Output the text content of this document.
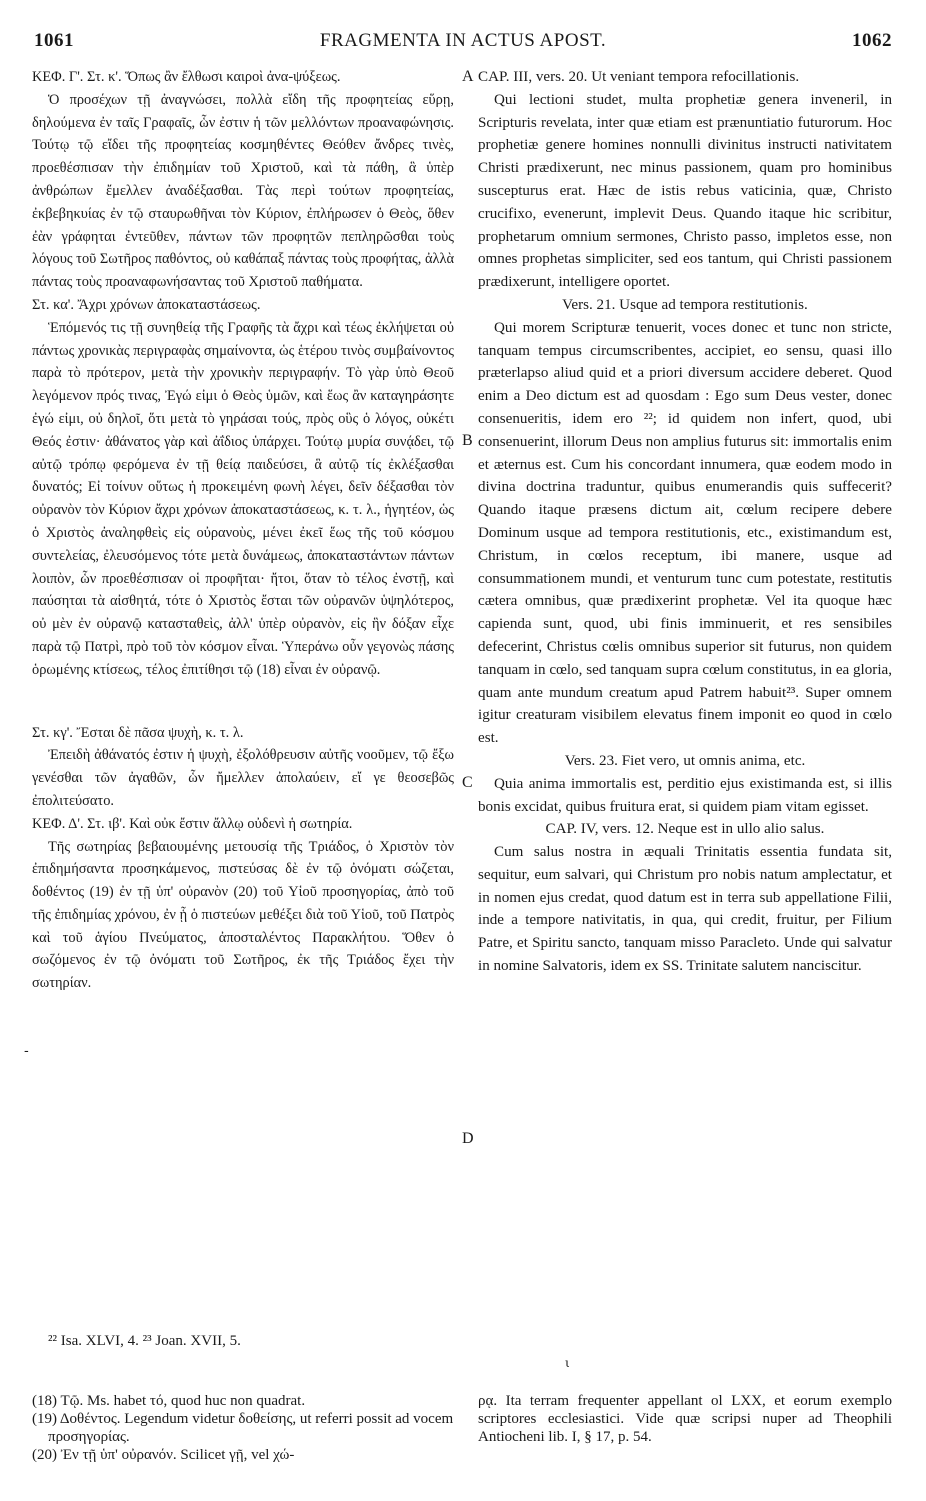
1061	FRAGMENTA IN ACTUS APOST.	1062

ΚΕΦ. Γ'. Στ. κ'. Ὅπως ἂν ἔλθωσι καιροὶ ἀνα-ψύξεως.

Ὁ προσέχων τῇ ἀναγνώσει, πολλὰ εἴδη τῆς προφητείας εὕρῃ, δηλούμενα ἐν ταῖς Γραφαῖς, ὧν ἐστιν ἡ τῶν μελλόντων προαναφώνησις. Τούτῳ τῷ εἴδει τῆς προφητείας κοσμηθέντες Θεόθεν ἄνδρες τινὲς, προεθέσπισαν τὴν ἐπιδημίαν τοῦ Χριστοῦ, καὶ τὰ πάθη, ἃ ὑπὲρ ἀνθρώπων ἔμελλεν ἀναδέξασθαι. Τὰς περὶ τούτων προφητείας, ἐκβεβηκυίας ἐν τῷ σταυρωθῆναι τὸν Κύριον, ἐπλήρωσεν ὁ Θεὸς, ὅθεν ἐὰν γράφηται ἐντεῦθεν, πάντων τῶν προφητῶν πεπληρῶσθαι τοὺς λόγους τοῦ Σωτῆρος παθόντος, οὐ καθάπαξ πάντας τοὺς προφήτας, ἀλλὰ πάντας τοὺς προαναφωνήσαντας τοῦ Χριστοῦ παθήματα.

Στ. κα'. Ἄχρι χρόνων ἀποκαταστάσεως.

Ἑπόμενός τις τῇ συνηθείᾳ τῆς Γραφῆς τὰ ἄχρι καὶ τέως ἐκλήψεται οὐ πάντως χρονικὰς περιγραφὰς σημαίνοντα, ὡς ἑτέρου τινὸς συμβαίνοντος παρὰ τὸ πρότερον, μετὰ τὴν χρονικὴν περιγραφήν. Τὸ γὰρ ὑπὸ Θεοῦ λεγόμενον πρός τινας, Ἐγώ εἰμι ὁ Θεὸς ὑμῶν, καὶ ἕως ἂν καταγηράσητε ἐγώ εἰμι, οὐ δηλοῖ, ὅτι μετὰ τὸ γηράσαι τούς, πρὸς οὓς ὁ λόγος, οὐκέτι Θεός ἐστιν· ἀθάνατος γὰρ καὶ ἀΐδιος ὑπάρχει. Τούτῳ μυρία συνᾴδει, τῷ αὐτῷ τρόπῳ φερόμενα ἐν τῇ θείᾳ παιδεύσει, ἃ αὐτῷ τίς ἐκλέξασθαι δυνατός; Εἰ τοίνυν οὕτως ἡ προκειμένη φωνὴ λέγει, δεῖν δέξασθαι τὸν οὐρανὸν τὸν Κύριον ἄχρι χρόνων ἀποκαταστάσεως, κ. τ. λ., ἡγητέον, ὡς ὁ Χριστὸς ἀναληφθεὶς εἰς οὐρανοὺς, μένει ἐκεῖ ἕως τῆς τοῦ κόσμου συντελείας, ἐλευσόμενος τότε μετὰ δυνάμεως, ἀποκαταστάντων πάντων λοιπὸν, ὧν προεθέσπισαν οἱ προφῆται· ἤτοι, ὅταν τὸ τέλος ἐνστῇ, καὶ παύσηται τὰ αἰσθητά, τότε ὁ Χριστὸς ἔσται τῶν οὐρανῶν ὑψηλότερος, οὐ μὲν ἐν οὐρανῷ κατασταθεὶς, ἀλλ' ὑπὲρ οὐρανὸν, εἰς ἣν δόξαν εἶχε παρὰ τῷ Πατρὶ, πρὸ τοῦ τὸν κόσμον εἶναι. Ὑπεράνω οὖν γεγονὼς πάσης ὁρωμένης κτίσεως, τέλος ἐπιτίθησι τῷ (18) εἶναι ἐν οὐρανῷ.

Στ. κγ'. Ἔσται δὲ πᾶσα ψυχὴ, κ. τ. λ.

Ἐπειδὴ ἀθάνατός ἐστιν ἡ ψυχὴ, ἐξολόθρευσιν αὐτῆς νοοῦμεν, τῷ ἔξω γενέσθαι τῶν ἀγαθῶν, ὧν ἤμελλεν ἀπολαύειν, εἴ γε θεοσεβῶς ἐπολιτεύσατο.

ΚΕΦ. Δ'. Στ. ιβ'. Καὶ οὐκ ἔστιν ἄλλῳ οὐδενὶ ἡ σωτηρία.

Τῆς σωτηρίας βεβαιουμένης μετουσίᾳ τῆς Τριάδος, ὁ Χριστὸν τὸν ἐπιδημήσαντα προσηκάμενος, πιστεύσας δὲ ἐν τῷ ὀνόματι σώζεται, δοθέντος (19) ἐν τῇ ὑπ' οὐρανὸν (20) τοῦ Υἱοῦ προσηγορίας, ἀπὸ τοῦ τῆς ἐπιδημίας χρόνου, ἐν ᾗ ὁ πιστεύων μεθέξει διὰ τοῦ Υἱοῦ, τοῦ Πατρὸς καὶ τοῦ ἁγίου Πνεύματος, ἀποσταλέντος Παρακλήτου. Ὅθεν ὁ σωζόμενος ἐν τῷ ὀνόματι τοῦ Σωτῆρος, ἐκ τῆς Τριάδος ἔχει τὴν σωτηρίαν.

CAP. III, vers. 20. Ut veniant tempora refocillationis.

Qui lectioni studet, multa prophetiæ genera inveneril, in Scripturis revelata, inter quæ etiam est prænuntiatio futurorum. Hoc prophetiæ genere homines nonnulli divinitus instructi nativitatem Christi prædixerunt, nec minus passionem, quam pro hominibus suscepturus erat. Hæc de istis rebus vaticinia, quæ, Christo crucifixo, evenerunt, implevit Deus. Quando itaque hic scribitur, prophetarum omnium sermones, Christo passo, impletos esse, non omnes prophetas simpliciter, sed eos tantum, qui Christi passionem prædixerunt, intelligere oportet.

Vers. 21. Usque ad tempora restitutionis.

Qui morem Scripturæ tenuerit, voces donec et tunc non stricte, tanquam tempus circumscribentes, accipiet, eo sensu, quasi illo præterlapso aliud quid et a priori diversum accidere deberet. Quod enim a Deo dictum est ad quosdam : Ego sum Deus vester, donec consenueritis, idem ero ²²; id quidem non infert, quod, ubi consenuerint, illorum Deus non amplius futurus sit: immortalis enim et æternus est. Cum his concordant innumera, quæ eodem modo in divina doctrina traduntur, quibus enumerandis quis suffecerit? Quando itaque præsens dictum ait, cœlum recipere debere Dominum usque ad tempora restitutionis, etc., existimandum est, Christum, in cœlos receptum, ibi manere, usque ad consummationem mundi, et venturum tunc cum potestate, restitutis cætera omnibus, quæ prædixerint prophetæ. Vel ita quoque hæc capienda sunt, quod, ubi finis imminuerit, et res sensibiles defecerint, Christus cœlis omnibus superior sit futurus, non quidem tanquam in cœlo, sed tanquam supra cœlum constitutus, in ea gloria, quam ante mundum creatum apud Patrem habuit²³. Super omnem igitur creaturam visibilem elevatus finem imponit eo quod in cœlo est.

Vers. 23. Fiet vero, ut omnis anima, etc.

Quia anima immortalis est, perditio ejus existimanda est, si illis bonis excidat, quibus fruitura erat, si quidem piam vitam egisset.

CAP. IV, vers. 12. Neque est in ullo alio salus.

Cum salus nostra in æquali Trinitatis essentia fundata sit, sequitur, eum salvari, qui Christum pro nobis natum amplectatur, et in nomen ejus credat, quod datum est in terra sub appellatione Filii, inde a tempore nativitatis, in qua, qui credit, fruitur, per Filium Patre, et Spiritu sancto, tanquam misso Paracleto. Unde qui salvatur in nomine Salvatoris, idem ex SS. Trinitate salutem nanciscitur.

A
B
C
D
-
²² Isa. XLVI, 4. ²³ Joan. XVII, 5.
ι
(18) Τῷ. Ms. habet τό, quod huc non quadrat.
(19) Δοθέντος. Legendum videtur δοθείσης, ut referri possit ad vocem προσηγορίας.
(20) Ἐν τῇ ὑπ' οὐρανόν. Scilicet γῇ, vel χώ-
ρᾳ. Ita terram frequenter appellant ol LXX, et eorum exemplo scriptores ecclesiastici. Vide quæ scripsi nuper ad Theophili Antiocheni lib. I, § 17, p. 54.
